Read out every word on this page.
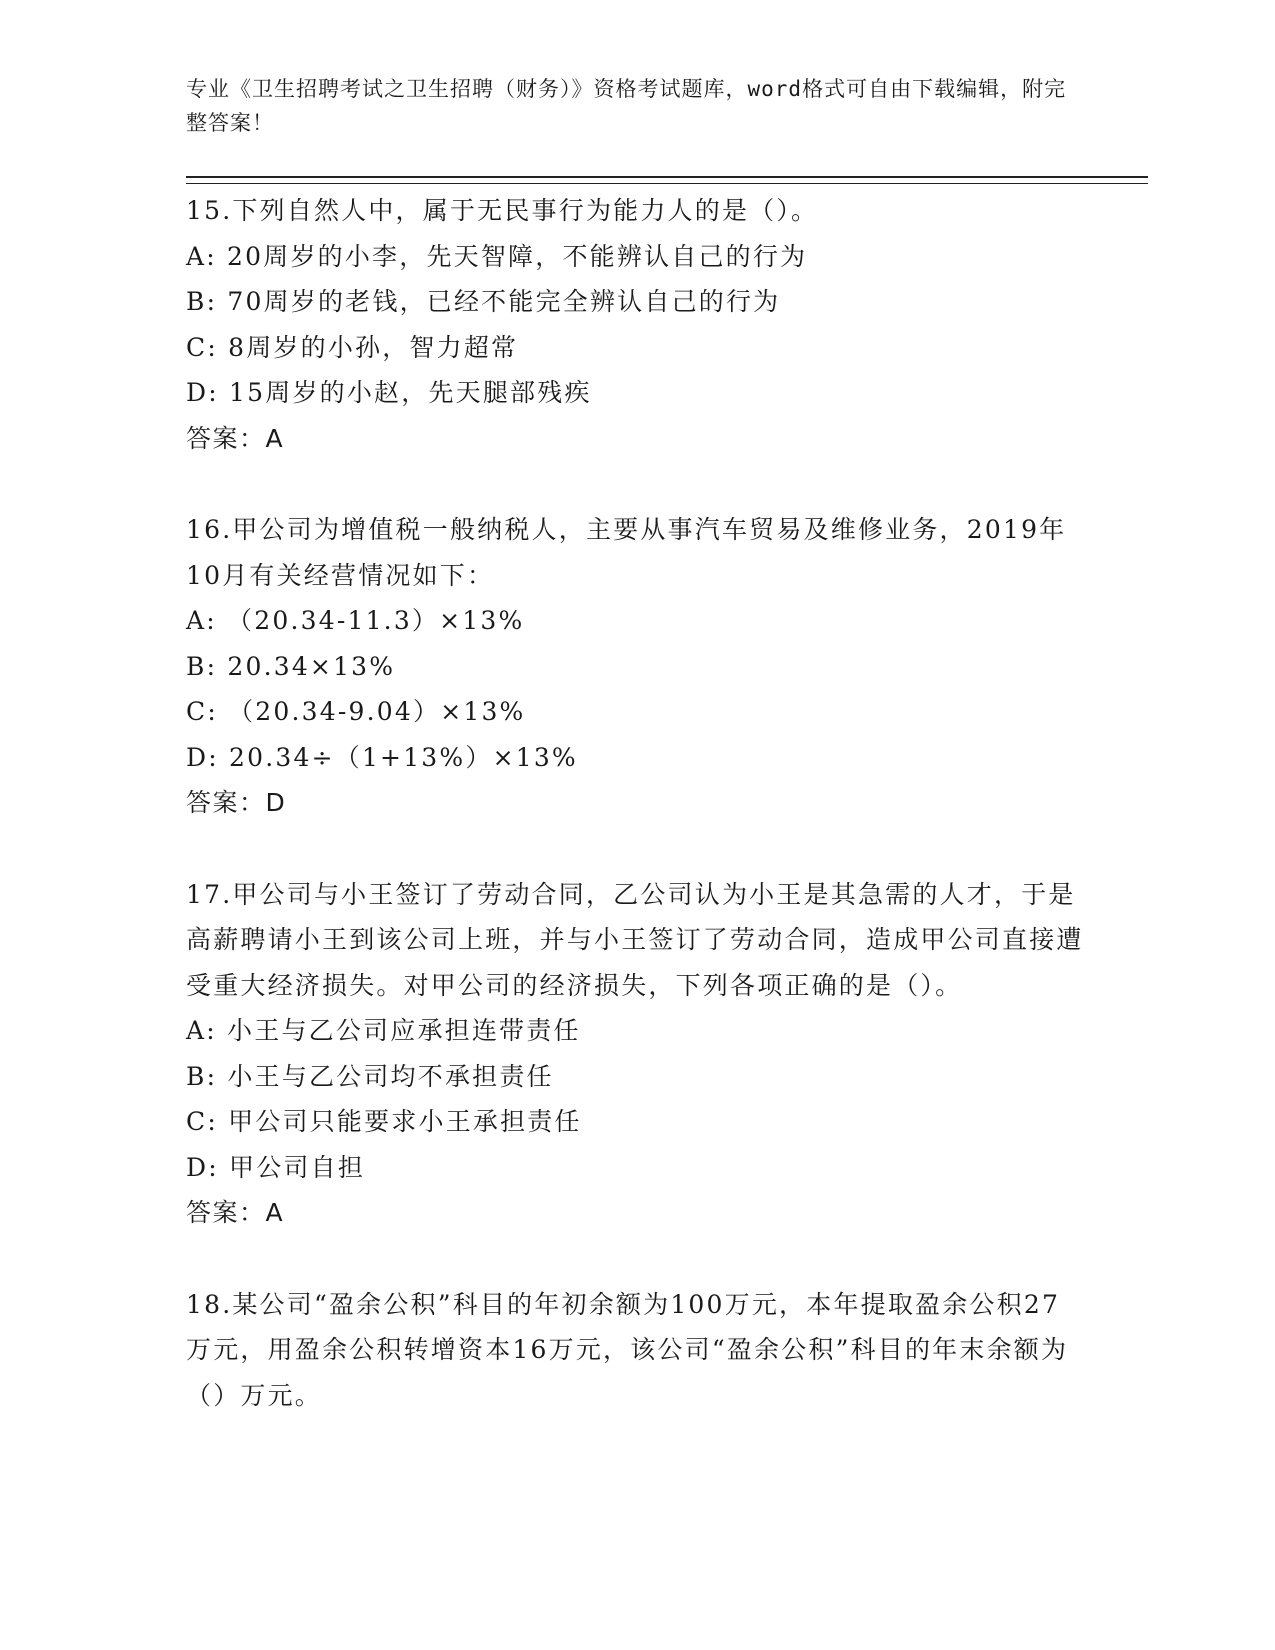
专业《卫生招聘考试之卫生招聘（财务）》资格考试题库，word格式可自由下载编辑，附完整答案！

15.下列自然人中，属于无民事行为能力人的是（）。

A: 20周岁的小李，先天智障，不能辨认自己的行为

B: 70周岁的老钱，已经不能完全辨认自己的行为

C: 8周岁的小孙，智力超常

D: 15周岁的小赵，先天腿部残疾

答案：A

16.甲公司为增值税一般纳税人，主要从事汽车贸易及维修业务，2019年10月有关经营情况如下：

A: （20.34-11.3）×13%

B: 20.34×13%

C: （20.34-9.04）×13%

D: 20.34÷（1+13%）×13%

答案：D

17.甲公司与小王签订了劳动合同，乙公司认为小王是其急需的人才，于是高薪聘请小王到该公司上班，并与小王签订了劳动合同，造成甲公司直接遭受重大经济损失。对甲公司的经济损失，下列各项正确的是（）。

A: 小王与乙公司应承担连带责任

B: 小王与乙公司均不承担责任

C: 甲公司只能要求小王承担责任

D: 甲公司自担

答案：A

18.某公司“盈余公积”科目的年初余额为100万元，本年提取盈余公积27万元，用盈余公积转增资本16万元，该公司“盈余公积”科目的年末余额为（）万元。
